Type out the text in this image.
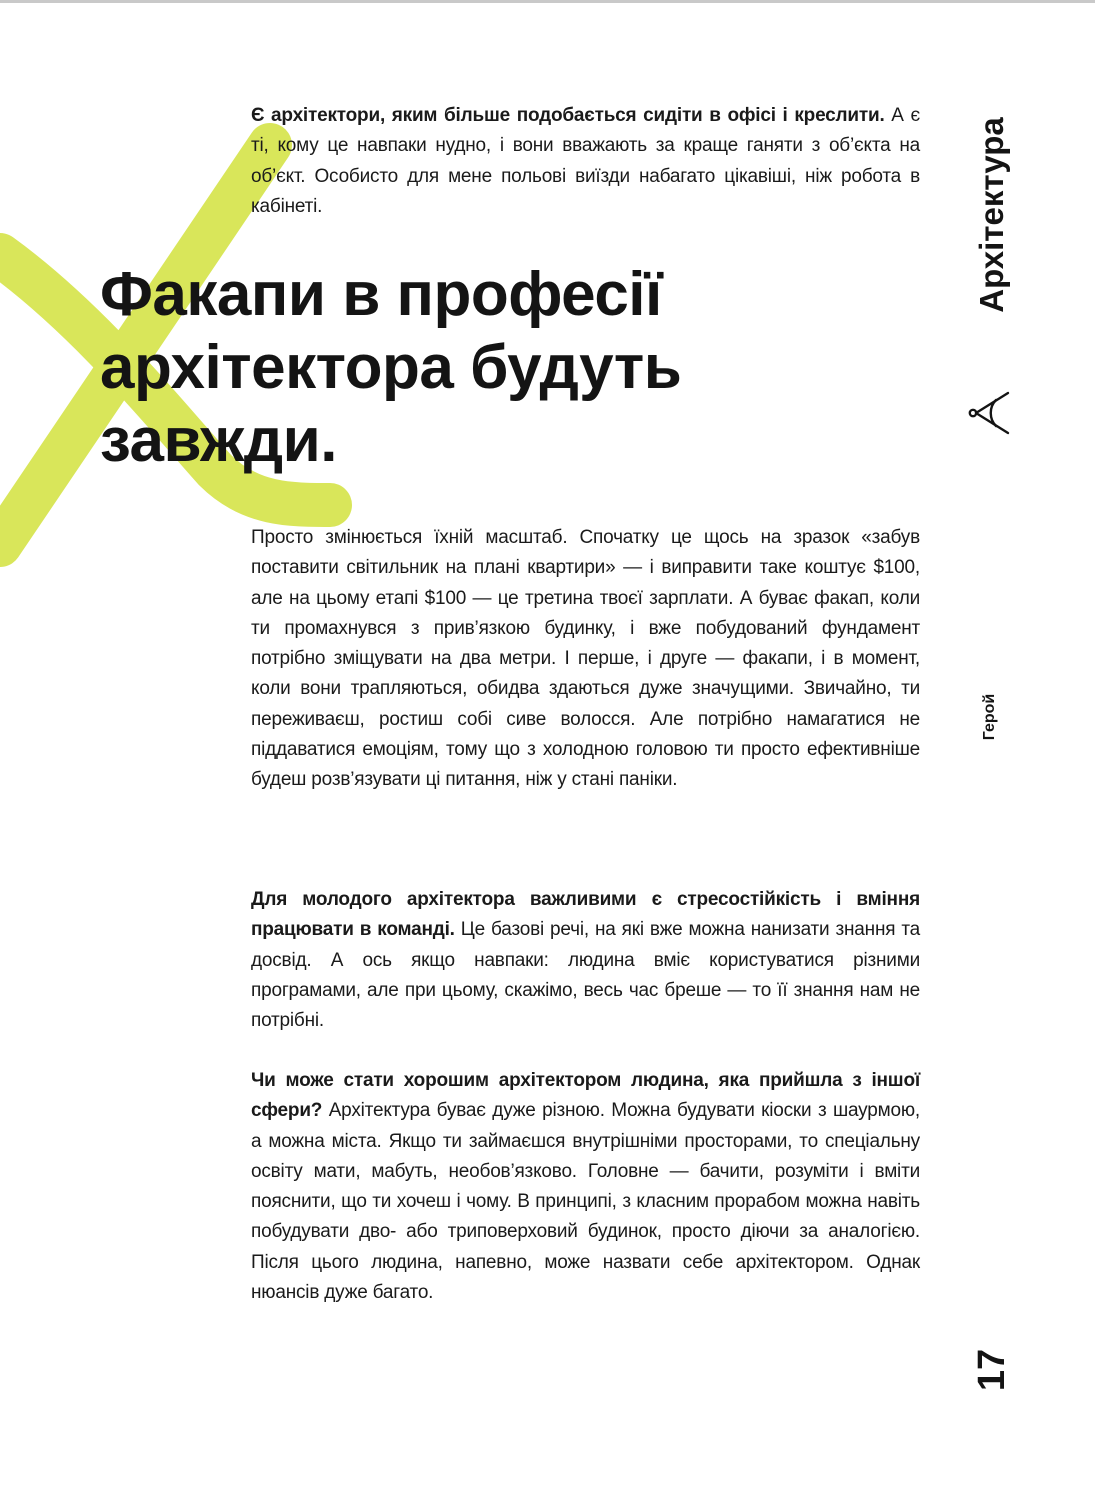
Є архітектори, яким більше подобається сидіти в офісі і креслити. А є ті, кому це навпаки нудно, і вони вважають за краще ганяти з об’єкта на об’єкт. Особисто для мене польові виїзди набагато цікавіші, ніж робота в кабінеті.

Факапи в професії архітектора будуть завжди.

Просто змінюється їхній масштаб. Спочатку це щось на зразок «забув поставити світильник на плані квартири» — і виправити таке коштує $100, але на цьому етапі $100 — це третина твоєї зарплати. А буває факап, коли ти промахнувся з прив’язкою будинку, і вже побудований фундамент потрібно зміщувати на два метри. І перше, і друге — факапи, і в момент, коли вони трапляються, обидва здаються дуже значущими. Звичайно, ти переживаєш, ростиш собі сиве волосся. Але потрібно намагатися не піддаватися емоціям, тому що з холодною головою ти просто ефективніше будеш розв’язувати ці питання, ніж у стані паніки.

Для молодого архітектора важливими є стресостійкість і вміння працювати в команді. Це базові речі, на які вже можна нанизати знання та досвід. А ось якщо навпаки: людина вміє користуватися різними програмами, але при цьому, скажімо, весь час бреше — то її знання нам не потрібні.

Чи може стати хорошим архітектором людина, яка прийшла з іншої сфери? Архітектура буває дуже різною. Можна будувати кіоски з шаурмою, а можна міста. Якщо ти займаєшся внутрішніми просторами, то спеціальну освіту мати, мабуть, необов’язково. Головне — бачити, розуміти і вміти пояснити, що ти хочеш і чому. В принципі, з класним прорабом можна навіть побудувати дво- або триповерховий будинок, просто діючи за аналогією. Після цього людина, напевно, може назвати себе архітектором. Однак нюансів дуже багато.

Архітектура
Герой
17
